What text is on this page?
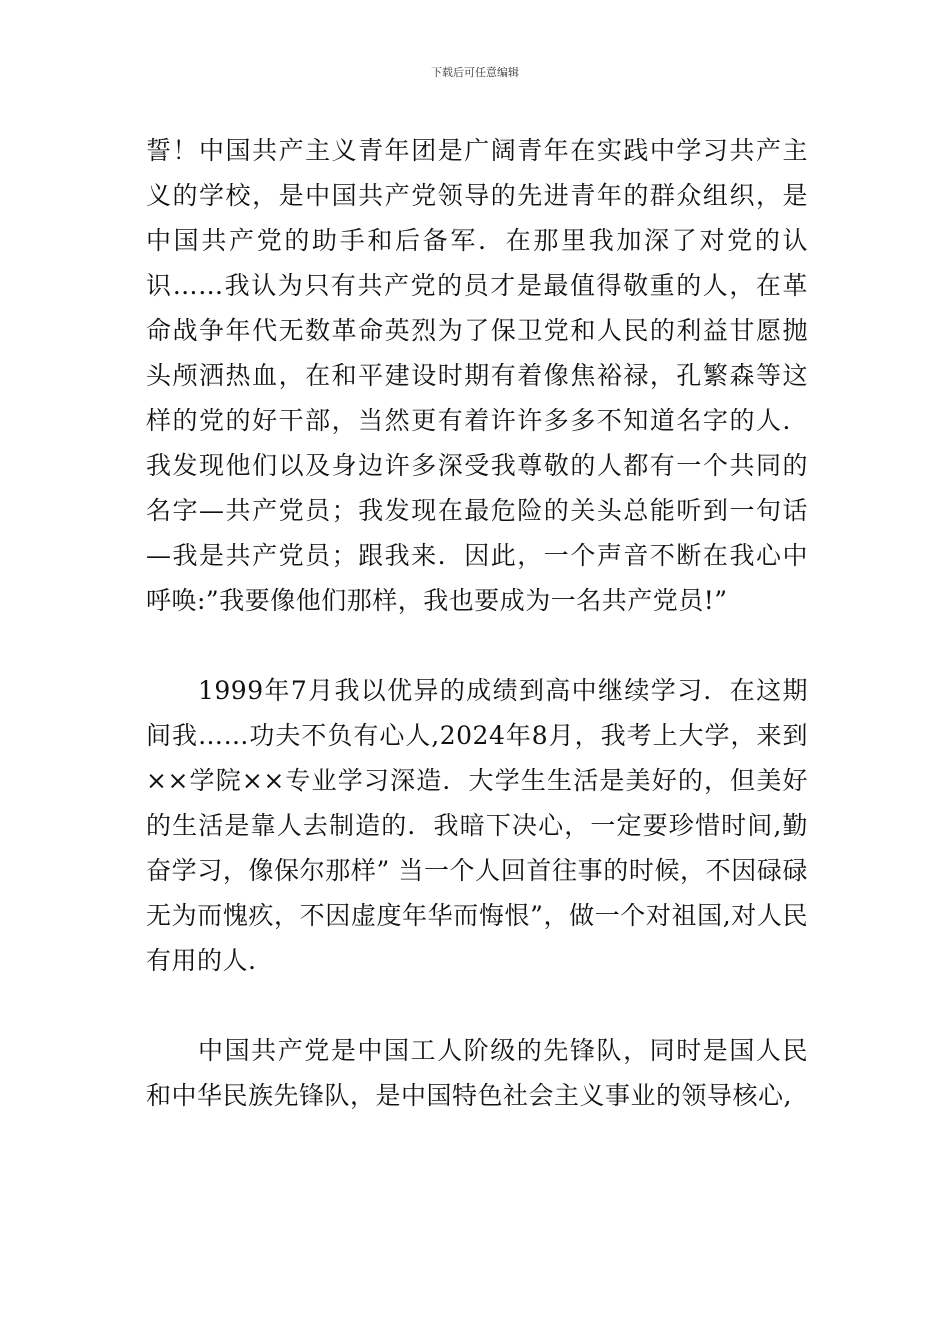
下载后可任意编辑

誓！中国共产主义青年团是广阔青年在实践中学习共产主义的学校，是中国共产党领导的先进青年的群众组织，是中国共产党的助手和后备军．在那里我加深了对党的认识……我认为只有共产党的员才是最值得敬重的人，在革命战争年代无数革命英烈为了保卫党和人民的利益甘愿抛头颅洒热血，在和平建设时期有着像焦裕禄，孔繁森等这样的党的好干部，当然更有着许许多多不知道名字的人．我发现他们以及身边许多深受我尊敬的人都有一个共同的名字—共产党员；我发现在最危险的关头总能听到一句话—我是共产党员；跟我来．因此，一个声音不断在我心中呼唤:”我要像他们那样，我也要成为一名共产党员!”

1999年7月我以优异的成绩到高中继续学习．在这期间我……功夫不负有心人,2024年8月，我考上大学，来到××学院××专业学习深造．大学生生活是美好的，但美好的生活是靠人去制造的．我暗下决心，一定要珍惜时间,勤奋学习，像保尔那样” 当一个人回首往事的时候，不因碌碌无为而愧疚，不因虚度年华而悔恨”，做一个对祖国,对人民有用的人.

中国共产党是中国工人阶级的先锋队，同时是国人民和中华民族先锋队，是中国特色社会主义事业的领导核心,
